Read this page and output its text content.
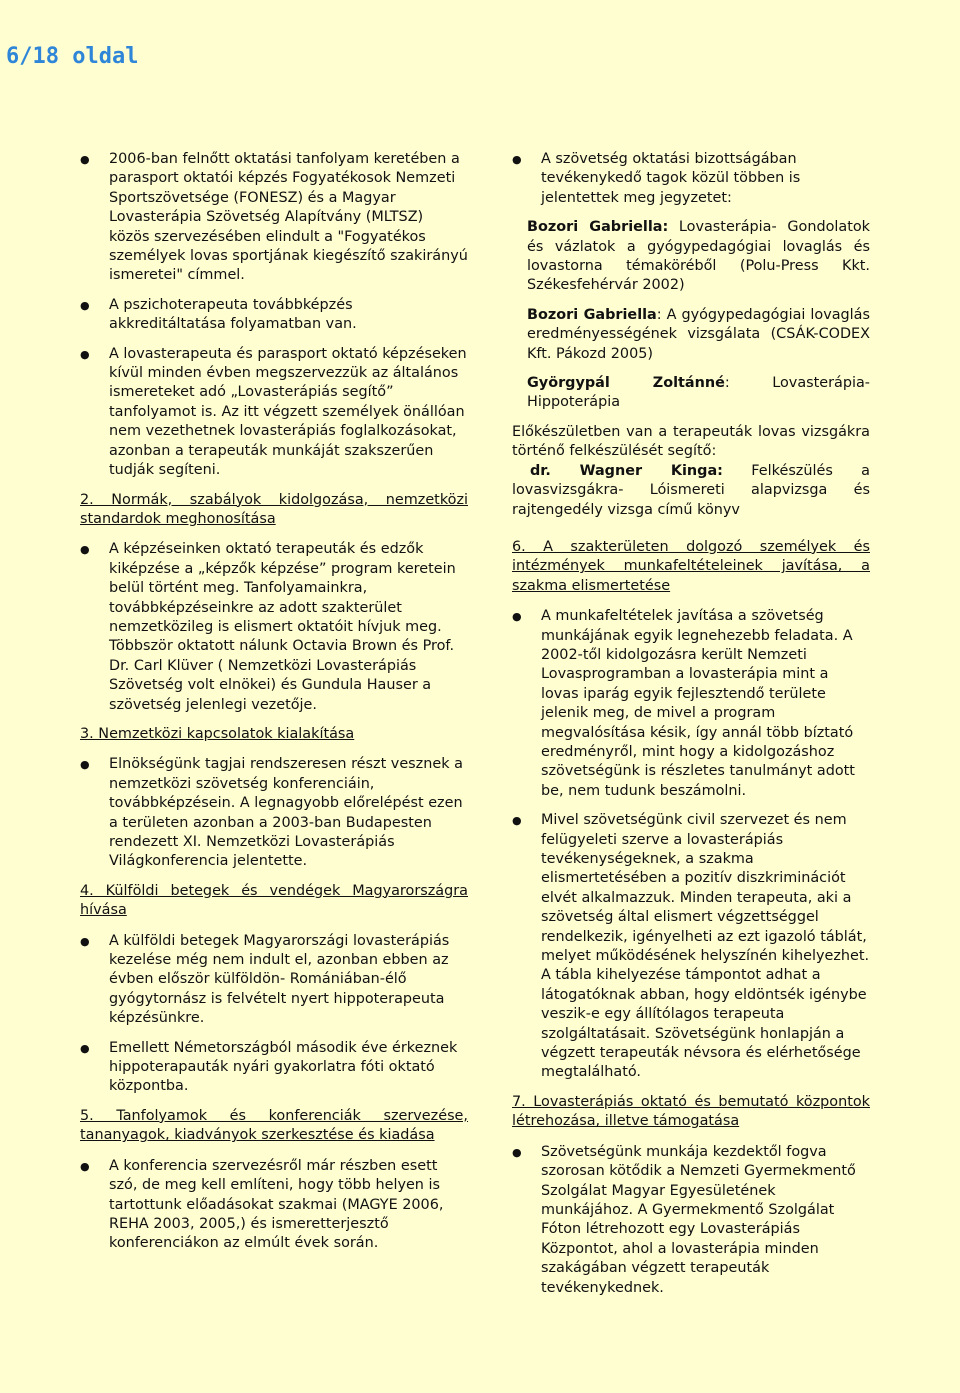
6/18 oldal
● 2006-ban felnőtt oktatási tanfolyam keretében a parasport oktatói képzés Fogyatékosok Nemzeti Sportszövetsége (FONESZ) és a Magyar Lovasterápia Szövetség Alapítvány (MLTSZ) közös szervezésében elindult a "Fogyatékos személyek lovas sportjának kiegészítő szakirányú ismeretei" címmel.
● A pszichoterapeuta továbbképzés akkreditáltatása folyamatban van.
● A lovasterapeuta és parasport oktató képzéseken kívül minden évben megszervezzük az általános ismereteket adó „Lovasterápiás segítő” tanfolyamot is. Az itt végzett személyek önállóan nem vezethetnek lovasterápiás foglalkozásokat, azonban a terapeuták munkáját szakszerűen tudják segíteni.
2. Normák, szabályok kidolgozása, nemzetközi standardok meghonosítása
● A képzéseinken oktató terapeuták és edzők kiképzése a „képzők képzése” program keretein belül történt meg. Tanfolyamainkra, továbbképzéseinkre az adott szakterület nemzetközileg is elismert oktatóit hívjuk meg. Többször oktatott nálunk Octavia Brown és Prof. Dr. Carl Klüver ( Nemzetközi Lovasterápiás Szövetség volt elnökei) és Gundula Hauser a szövetség jelenlegi vezetője.
3. Nemzetközi kapcsolatok kialakítása
● Elnökségünk tagjai rendszeresen részt vesznek a nemzetközi szövetség konferenciáin, továbbképzésein. A legnagyobb előrelépést ezen a területen azonban a 2003-ban Budapesten rendezett XI. Nemzetközi Lovasterápiás Világkonferencia jelentette.
4. Külföldi betegek és vendégek Magyarországra hívása
● A külföldi betegek Magyarországi lovasterápiás kezelése még nem indult el, azonban ebben az évben először külföldön- Romániában-élő gyógytornász is felvételt nyert hippoterapeuta képzésünkre.
● Emellett Németországból második éve érkeznek hippoterapauták nyári gyakorlatra fóti oktató központba.
5. Tanfolyamok és konferenciák szervezése, tananyagok, kiadványok szerkesztése és kiadása
● A konferencia szervezésről már részben esett szó, de meg kell említeni, hogy több helyen is tartottunk előadásokat szakmai (MAGYE 2006, REHA 2003, 2005,) és ismeretterjesztő konferenciákon az elmúlt évek során.
● A szövetség oktatási bizottságában tevékenykedő tagok közül többen is jelentettek meg jegyzetet:
Bozori Gabriella: Lovasterápia- Gondolatok és vázlatok a gyógypedagógiai lovaglás és lovastorna témaköréből (Polu-Press Kkt. Székesfehérvár 2002)
Bozori Gabriella: A gyógypedagógiai lovaglás eredményességének vizsgálata (CSÁK-CODEX Kft. Pákozd 2005)
Györgypál Zoltánné: Lovasterápia- Hippoterápia
Előkészületben van a terapeuták lovas vizsgákra történő felkészülését segítő:
dr. Wagner Kinga: Felkészülés a lovasvizsgákra- Lóismereti alapvizsga és rajtengedély vizsga című könyv
6. A szakterületen dolgozó személyek és intézmények munkafeltételeinek javítása, a szakma elismertetése
● A munkafeltételek javítása a szövetség munkájának egyik legnehezebb feladata. A 2002-től kidolgozásra került Nemzeti Lovasprogramban a lovasterápia mint a lovas iparág egyik fejlesztendő területe jelenik meg, de mivel a program megvalósítása késik, így annál több bíztató eredményről, mint hogy a kidolgozáshoz szövetségünk is részletes tanulmányt adott be, nem tudunk beszámolni.
● Mivel szövetségünk civil szervezet és nem felügyeleti szerve a lovasterápiás tevékenységeknek, a szakma elismertetésében a pozitív diszkriminációt elvét alkalmazzuk. Minden terapeuta, aki a szövetség által elismert végzettséggel rendelkezik, igényelheti az ezt igazoló táblát, melyet működésének helyszínén kihelyezhet. A tábla kihelyezése támpontot adhat a látogatóknak abban, hogy eldöntsék igénybe veszik-e egy állítólagos terapeuta szolgáltatásait. Szövetségünk honlapján a végzett terapeuták névsora és elérhetősége megtalálható.
7. Lovasterápiás oktató és bemutató központok létrehozása, illetve támogatása
● Szövetségünk munkája kezdektől fogva szorosan kötődik a Nemzeti Gyermekmentő Szolgálat Magyar Egyesületének munkájához. A Gyermekmentő Szolgálat Fóton létrehozott egy Lovasterápiás Központot, ahol a lovasterápia minden szakágában végzett terapeuták tevékenykednek.
